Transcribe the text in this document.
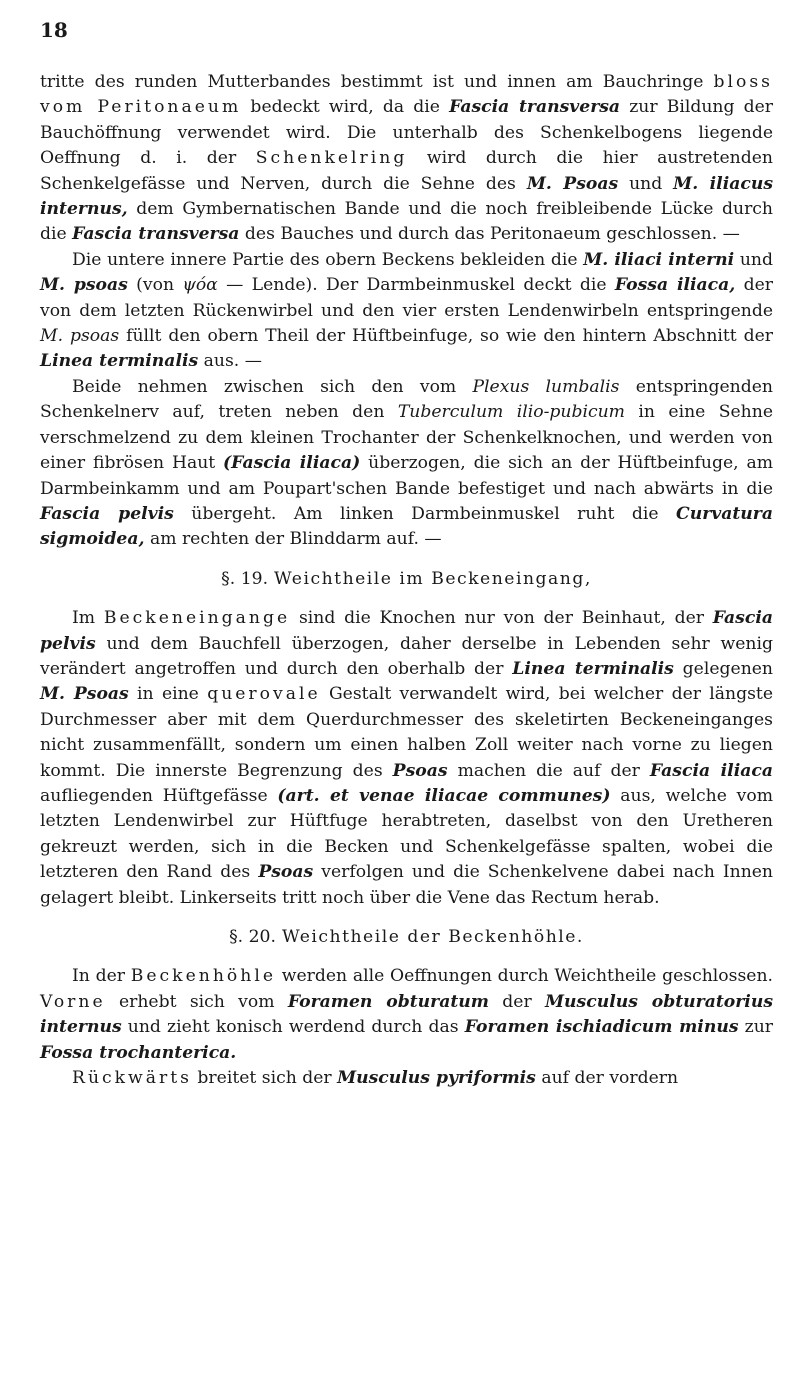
18

tritte des runden Mutterbandes bestimmt ist und innen am Bauchringe bloss vom Peritonaeum bedeckt wird, da die Fascia transversa zur Bildung der Bauchöffnung verwendet wird. Die unterhalb des Schenkelbogens liegende Oeffnung d. i. der Schenkelring wird durch die hier austretenden Schenkelgefässe und Nerven, durch die Sehne des M. Psoas und M. iliacus internus, dem Gymbernatischen Bande und die noch freibleibende Lücke durch die Fascia transversa des Bauches und durch das Peritonaeum geschlossen. —

Die untere innere Partie des obern Beckens bekleiden die M. iliaci interni und M. psoas (von ψόα — Lende). Der Darmbeinmuskel deckt die Fossa iliaca, der von dem letzten Rückenwirbel und den vier ersten Lendenwirbeln entspringende M. psoas füllt den obern Theil der Hüftbeinfuge, so wie den hintern Abschnitt der Linea terminalis aus. —

Beide nehmen zwischen sich den vom Plexus lumbalis entspringenden Schenkelnerv auf, treten neben den Tuberculum ilio-pubicum in eine Sehne verschmelzend zu dem kleinen Trochanter der Schenkelknochen, und werden von einer fibrösen Haut (Fascia iliaca) überzogen, die sich an der Hüftbeinfuge, am Darmbeinkamm und am Poupart'schen Bande befestiget und nach abwärts in die Fascia pelvis übergeht. Am linken Darmbeinmuskel ruht die Curvatura sigmoidea, am rechten der Blinddarm auf. —

§. 19. Weichtheile im Beckeneingang,

Im Beckeneingange sind die Knochen nur von der Beinhaut, der Fascia pelvis und dem Bauchfell überzogen, daher derselbe in Lebenden sehr wenig verändert angetroffen und durch den oberhalb der Linea terminalis gelegenen M. Psoas in eine querovale Gestalt verwandelt wird, bei welcher der längste Durchmesser aber mit dem Querdurchmesser des skeletirten Beckeneinganges nicht zusammenfällt, sondern um einen halben Zoll weiter nach vorne zu liegen kommt. Die innerste Begrenzung des Psoas machen die auf der Fascia iliaca aufliegenden Hüftgefässe (art. et venae iliacae communes) aus, welche vom letzten Lendenwirbel zur Hüftfuge herabtreten, daselbst von den Uretheren gekreuzt werden, sich in die Becken und Schenkelgefässe spalten, wobei die letzteren den Rand des Psoas verfolgen und die Schenkelvene dabei nach Innen gelagert bleibt. Linkerseits tritt noch über die Vene das Rectum herab.

§. 20. Weichtheile der Beckenhöhle.

In der Beckenhöhle werden alle Oeffnungen durch Weichtheile geschlossen. Vorne erhebt sich vom Foramen obturatum der Musculus obturatorius internus und zieht konisch werdend durch das Foramen ischiadicum minus zur Fossa trochanterica.

Rückwärts breitet sich der Musculus pyriformis auf der vordern
